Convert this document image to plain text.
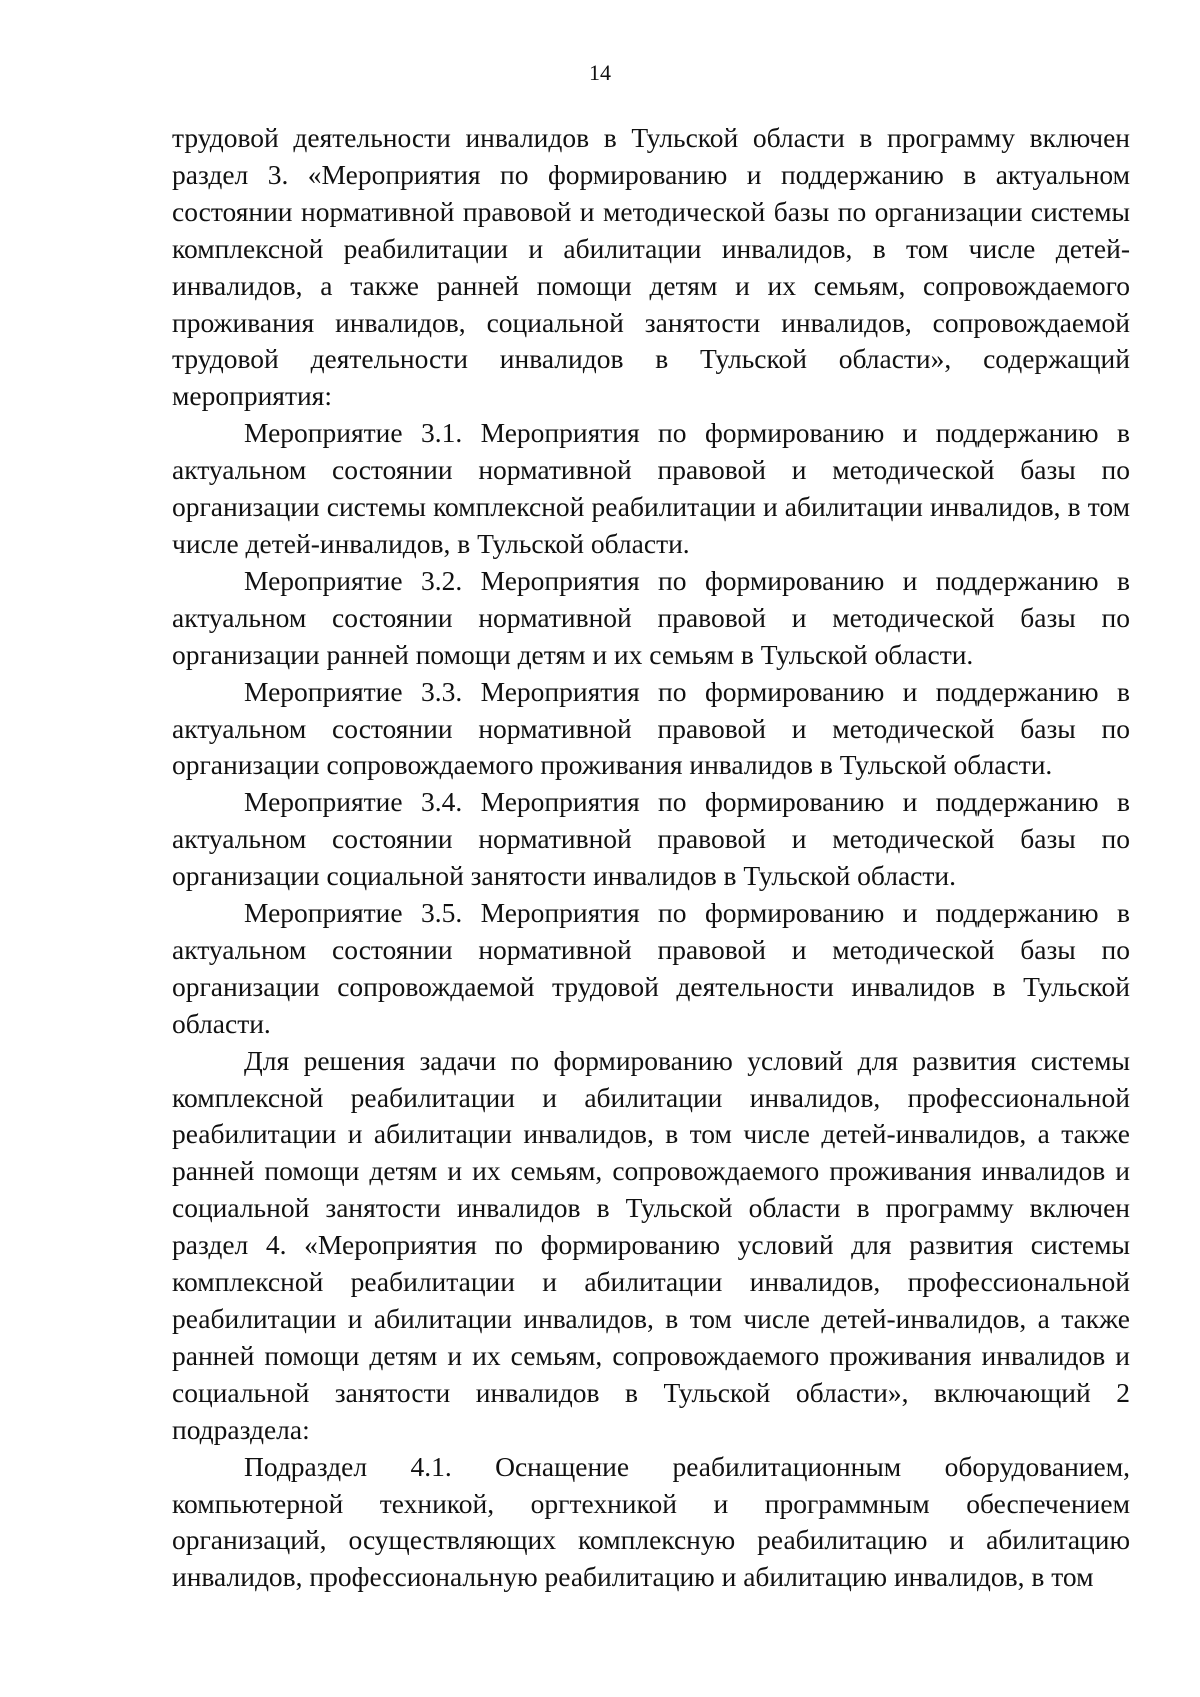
14

трудовой деятельности инвалидов в Тульской области в программу включен раздел 3. «Мероприятия по формированию и поддержанию в актуальном состоянии нормативной правовой и методической базы по организации системы комплексной реабилитации и абилитации инвалидов, в том числе детей-инвалидов, а также ранней помощи детям и их семьям, сопровождаемого проживания инвалидов, социальной занятости инвалидов, сопровождаемой трудовой деятельности инвалидов в Тульской области», содержащий мероприятия:

Мероприятие 3.1. Мероприятия по формированию и поддержанию в актуальном состоянии нормативной правовой и методической базы по организации системы комплексной реабилитации и абилитации инвалидов, в том числе детей-инвалидов, в Тульской области.

Мероприятие 3.2. Мероприятия по формированию и поддержанию в актуальном состоянии нормативной правовой и методической базы по организации ранней помощи детям и их семьям в Тульской области.

Мероприятие 3.3. Мероприятия по формированию и поддержанию в актуальном состоянии нормативной правовой и методической базы по организации сопровождаемого проживания инвалидов в Тульской области.

Мероприятие 3.4. Мероприятия по формированию и поддержанию в актуальном состоянии нормативной правовой и методической базы по организации социальной занятости инвалидов в Тульской области.

Мероприятие 3.5. Мероприятия по формированию и поддержанию в актуальном состоянии нормативной правовой и методической базы по организации сопровождаемой трудовой деятельности инвалидов в Тульской области.

Для решения задачи по формированию условий для развития системы комплексной реабилитации и абилитации инвалидов, профессиональной реабилитации и абилитации инвалидов, в том числе детей-инвалидов, а также ранней помощи детям и их семьям, сопровождаемого проживания инвалидов и социальной занятости инвалидов в Тульской области в программу включен раздел 4. «Мероприятия по формированию условий для развития системы комплексной реабилитации и абилитации инвалидов, профессиональной реабилитации и абилитации инвалидов, в том числе детей-инвалидов, а также ранней помощи детям и их семьям, сопровождаемого проживания инвалидов и социальной занятости инвалидов в Тульской области», включающий 2 подраздела:

Подраздел 4.1. Оснащение реабилитационным оборудованием, компьютерной техникой, оргтехникой и программным обеспечением организаций, осуществляющих комплексную реабилитацию и абилитацию инвалидов, профессиональную реабилитацию и абилитацию инвалидов, в том
